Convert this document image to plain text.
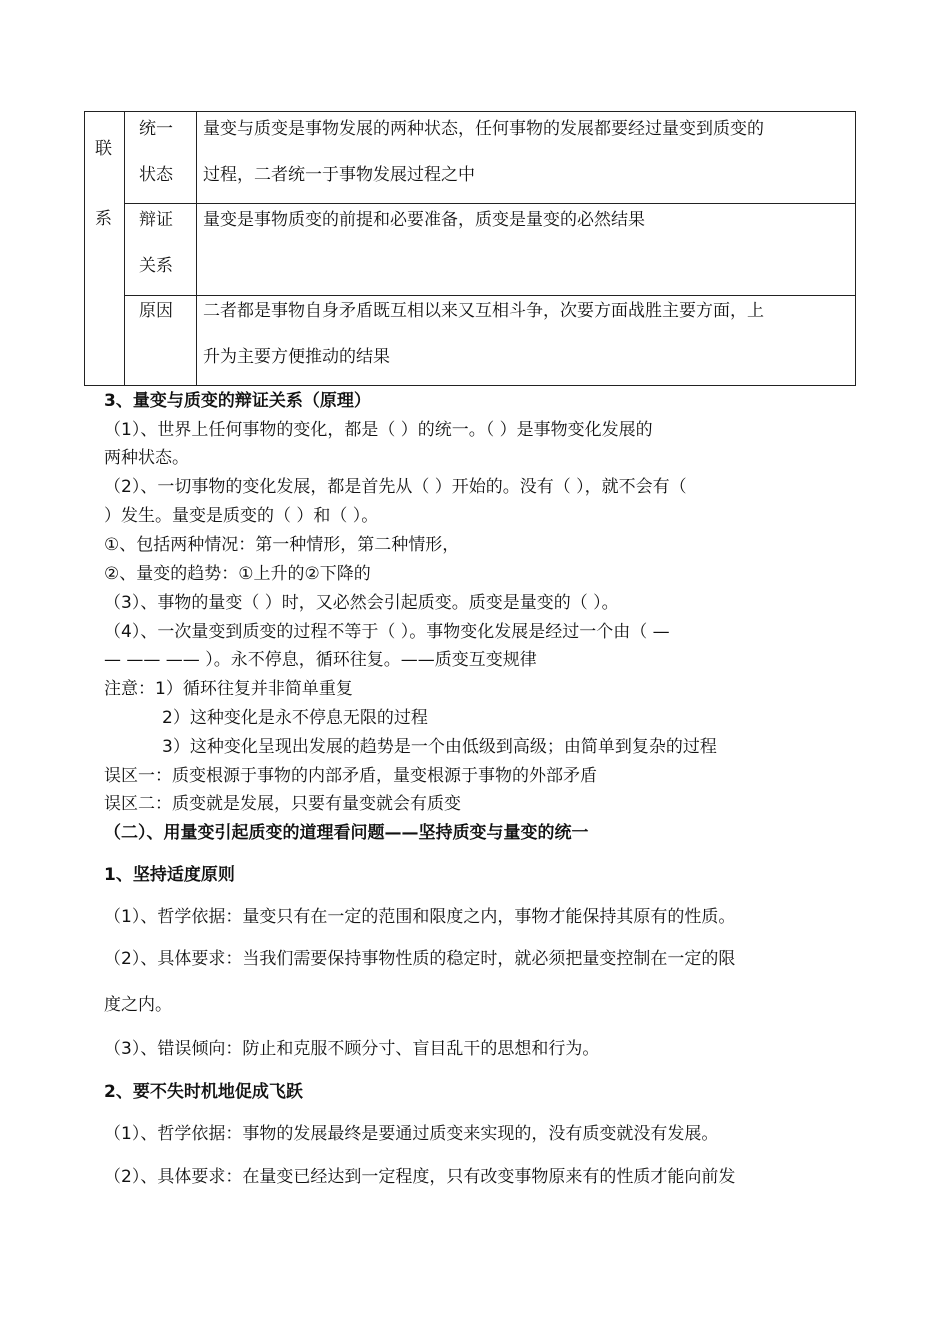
联
系
统一
状态
量变与质变是事物发展的两种状态，任何事物的发展都要经过量变到质变的
过程，二者统一于事物发展过程之中
辩证
关系
量变是事物质变的前提和必要准备，质变是量变的必然结果
原因 二者都是事物自身矛盾既互相以来又互相斗争，次要方面战胜主要方面，上
升为主要方便推动的结果
3、量变与质变的辩证关系（原理）
（1）、世界上任何事物的变化，都是（ ）的统一。（ ）是事物变化发展的
两种状态。
（2）、一切事物的变化发展，都是首先从（ ）开始的。没有（ ），就不会有（
）发生。量变是质变的（ ）和（ ）。
①、包括两种情况：第一种情形，第二种情形，
②、量变的趋势：①上升的②下降的
（3）、事物的量变（ ）时，又必然会引起质变。质变是量变的（ ）。
（4）、一次量变到质变的过程不等于（ ）。事物变化发展是经过一个由（ —
— —— —— ）。永不停息，循环往复。——质变互变规律
注意：1）循环往复并非简单重复
2）这种变化是永不停息无限的过程
3）这种变化呈现出发展的趋势是一个由低级到高级；由简单到复杂的过程
误区一：质变根源于事物的内部矛盾，量变根源于事物的外部矛盾
误区二：质变就是发展，只要有量变就会有质变
（二）、用量变引起质变的道理看问题——坚持质变与量变的统一
1、坚持适度原则
（1）、哲学依据：量变只有在一定的范围和限度之内，事物才能保持其原有的性质。
（2）、具体要求：当我们需要保持事物性质的稳定时，就必须把量变控制在一定的限
度之内。
（3）、错误倾向：防止和克服不顾分寸、盲目乱干的思想和行为。
2、要不失时机地促成飞跃
（1）、哲学依据：事物的发展最终是要通过质变来实现的，没有质变就没有发展。
（2）、具体要求：在量变已经达到一定程度，只有改变事物原来有的性质才能向前发
